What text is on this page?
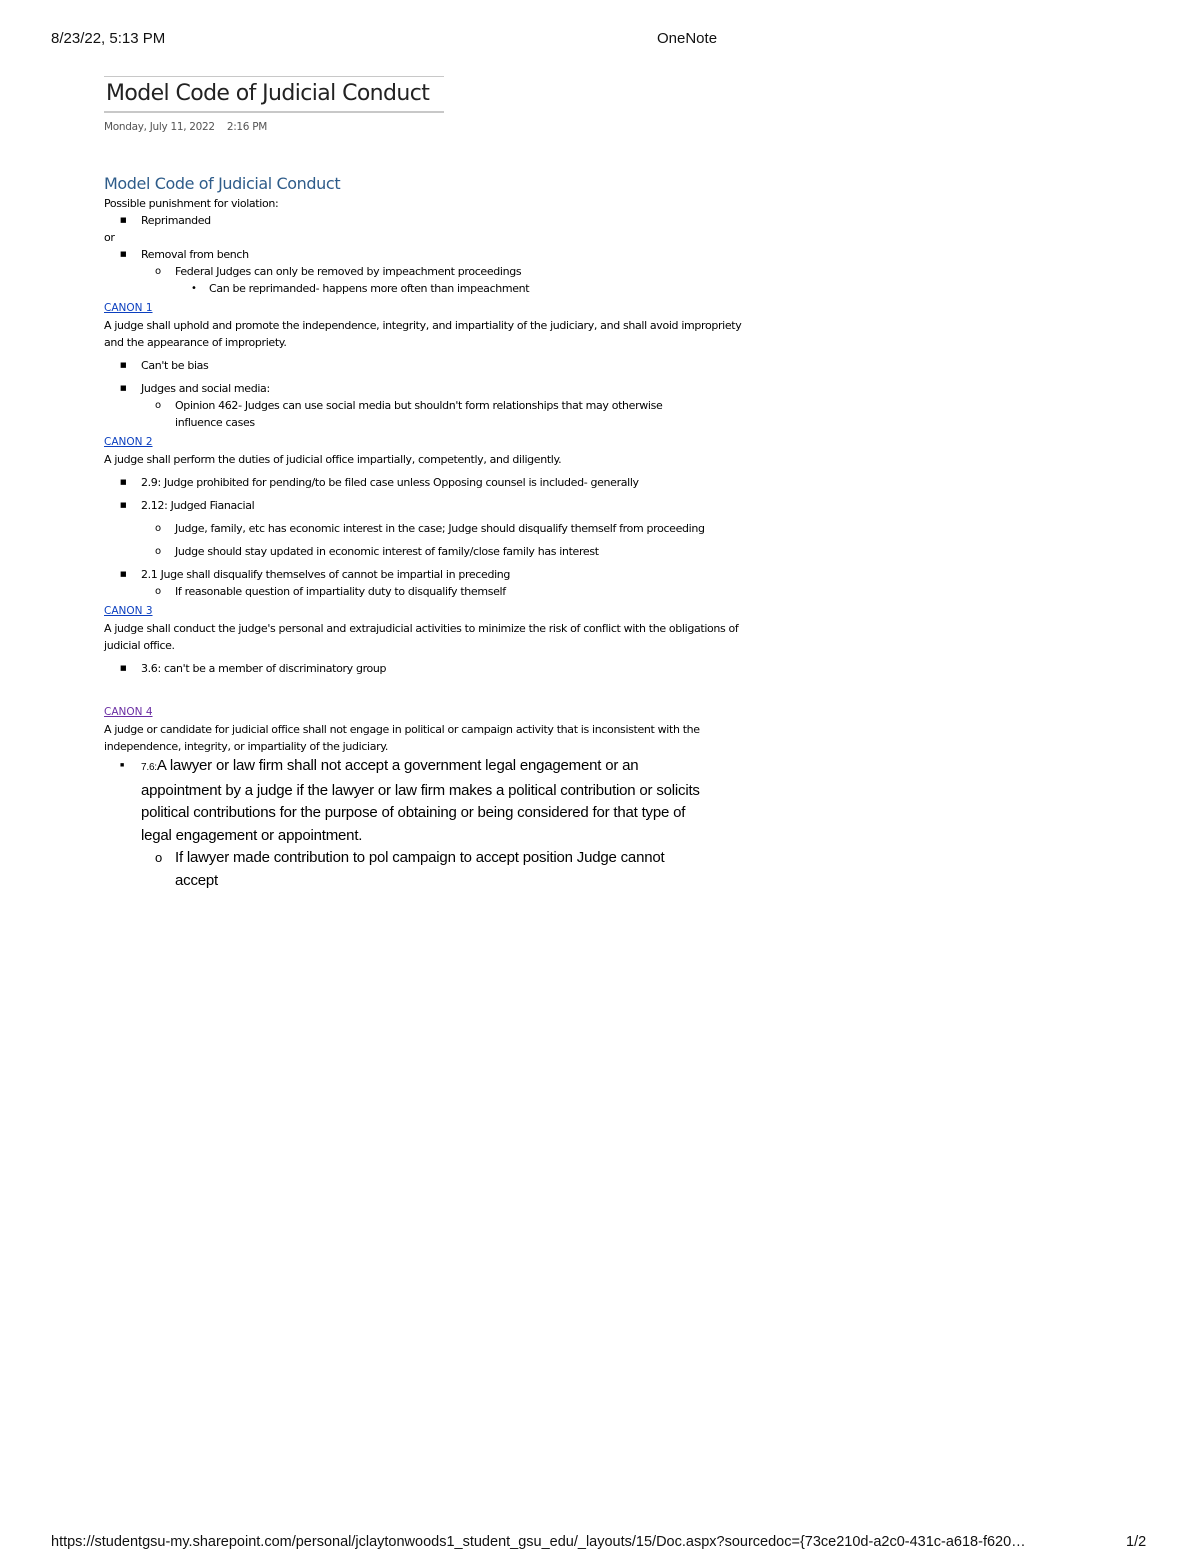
8/23/22, 5:13 PM	OneNote
Model Code of Judicial Conduct
Monday, July 11, 2022 2:16 PM
Model Code of Judicial Conduct
Possible punishment for violation:
■ Reprimanded
or
■ Removal from bench
o Federal Judges can only be removed by impeachment proceedings
• Can be reprimanded- happens more often than impeachment
CANON 1
A judge shall uphold and promote the independence, integrity, and impartiality of the judiciary, and shall avoid impropriety and the appearance of impropriety.
■ Can't be bias
■ Judges and social media:
o Opinion 462- Judges can use social media but shouldn't form relationships that may otherwise influence cases
CANON 2
A judge shall perform the duties of judicial office impartially, competently, and diligently.
■ 2.9: Judge prohibited for pending/to be filed case unless Opposing counsel is included- generally
■ 2.12: Judged Fianacial
o Judge, family, etc has economic interest in the case; Judge should disqualify themself from proceeding
o Judge should stay updated in economic interest of family/close family has interest
■ 2.1 Juge shall disqualify themselves of cannot be impartial in preceding
o If reasonable question of impartiality duty to disqualify themself
CANON 3
A judge shall conduct the judge's personal and extrajudicial activities to minimize the risk of conflict with the obligations of judicial office.
■ 3.6: can't be a member of discriminatory group
CANON 4
A judge or candidate for judicial office shall not engage in political or campaign activity that is inconsistent with the independence, integrity, or impartiality of the judiciary.
■ 7.6:A lawyer or law firm shall not accept a government legal engagement or an appointment by a judge if the lawyer or law firm makes a political contribution or solicits political contributions for the purpose of obtaining or being considered for that type of legal engagement or appointment.
o If lawyer made contribution to pol campaign to accept position Judge cannot accept
https://studentgsu-my.sharepoint.com/personal/jclaytonwoods1_student_gsu_edu/_layouts/15/Doc.aspx?sourcedoc={73ce210d-a2c0-431c-a618-f620…	1/2
